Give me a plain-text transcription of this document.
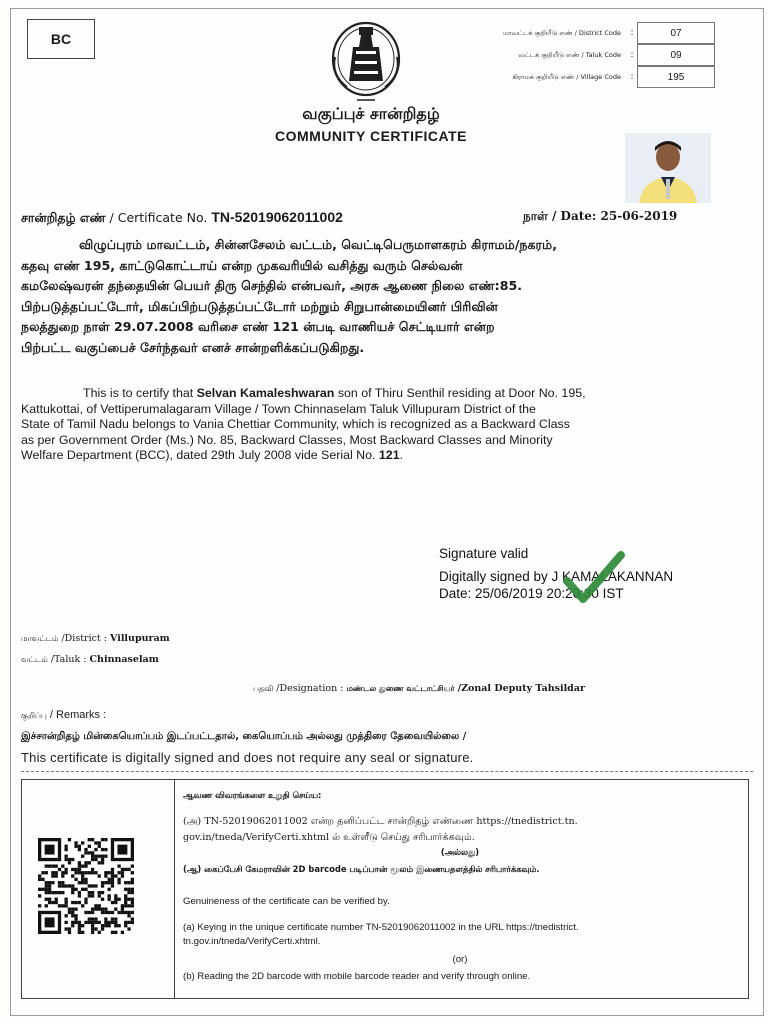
BC	மாவட்டக் குறியீடு எண் / District Code	:	07
வட்டக் குறியீடு எண் / Taluk Code	:	09
கிராமக் குறியீடு எண் / Village Code	:	195
வகுப்புச் சான்றிதழ்
COMMUNITY CERTIFICATE
சான்றிதழ் எண் / Certificate No. TN-52019062011002	நாள் / Date: 25-06-2019

விழுப்புரம் மாவட்டம், சின்னசேலம் வட்டம், வெட்டிபெருமாளகரம் கிராமம்/நகரம்,

கதவு எண் 195, காட்டுகொட்டாய் என்ற முகவரியில் வசித்து வரும் செல்வன்

கமலேஷ்வரன் தந்தையின் பெயர் திரு செந்தில் என்பவர், அரசு ஆணை நிலை எண்:85.

பிற்படுத்தப்பட்டோர், மிகப்பிற்படுத்தப்பட்டோர் மற்றும் சிறுபான்மையினர் பிரிவின்

நலத்துறை நாள் 29.07.2008 வரிசை எண் 121 ன்படி வாணியச் செட்டியார் என்ற

பிற்பட்ட வகுப்பைச் சேர்ந்தவர் எனச் சான்றளிக்கப்படுகிறது.

This is to certify that Selvan Kamaleshwaran son of Thiru Senthil residing at Door No. 195,

Kattukottai, of Vettiperumalagaram Village / Town Chinnaselam Taluk Villupuram District of the

State of Tamil Nadu belongs to Vania Chettiar Community, which is recognized as a Backward Class

as per Government Order (Ms.) No. 85, Backward Classes, Most Backward Classes and Minority

Welfare Department (BCC), dated 29th July 2008 vide Serial No. 121.

Signature valid
Digitally signed by J KAMALAKANNAN
Date: 25/06/2019 20:20:30 IST
மாவட்டம் /District : Villupuram
வட்டம் /Taluk : Chinnaselam
பதவி /Designation : மண்டல துணை வட்டாட்சியர் /Zonal Deputy Tahsildar
குறிப்பு / Remarks :
இச்சான்றிதழ் மின்கையொப்பம் இடப்பட்டதால், கையொப்பம் அல்லது முத்திரை தேவையில்லை /
This certificate is digitally signed and does not require any seal or signature.
ஆவண விவரங்களை உறுதி செய்ய:
(அ) TN-52019062011002 என்ற தனிப்பட்ட சான்றிதழ் எண்ணை https://tnedistrict.tn.
gov.in/tneda/VerifyCerti.xhtml ல் உள்ளீடு செய்து சரிபார்க்கவும்.
(அல்லது)
(ஆ) கைப்பேசி கேமராவின் 2D barcode படிப்பான் மூலம் இணையதளத்தில் சரிபார்க்கவும்.
Genuineness of the certificate can be verified by.
(a) Keying in the unique certificate number TN-52019062011002 in the URL https://tnedistrict.
tn.gov.in/tneda/VerifyCerti.xhtml.
(or)
(b) Reading the 2D barcode with mobile barcode reader and verify through online.
